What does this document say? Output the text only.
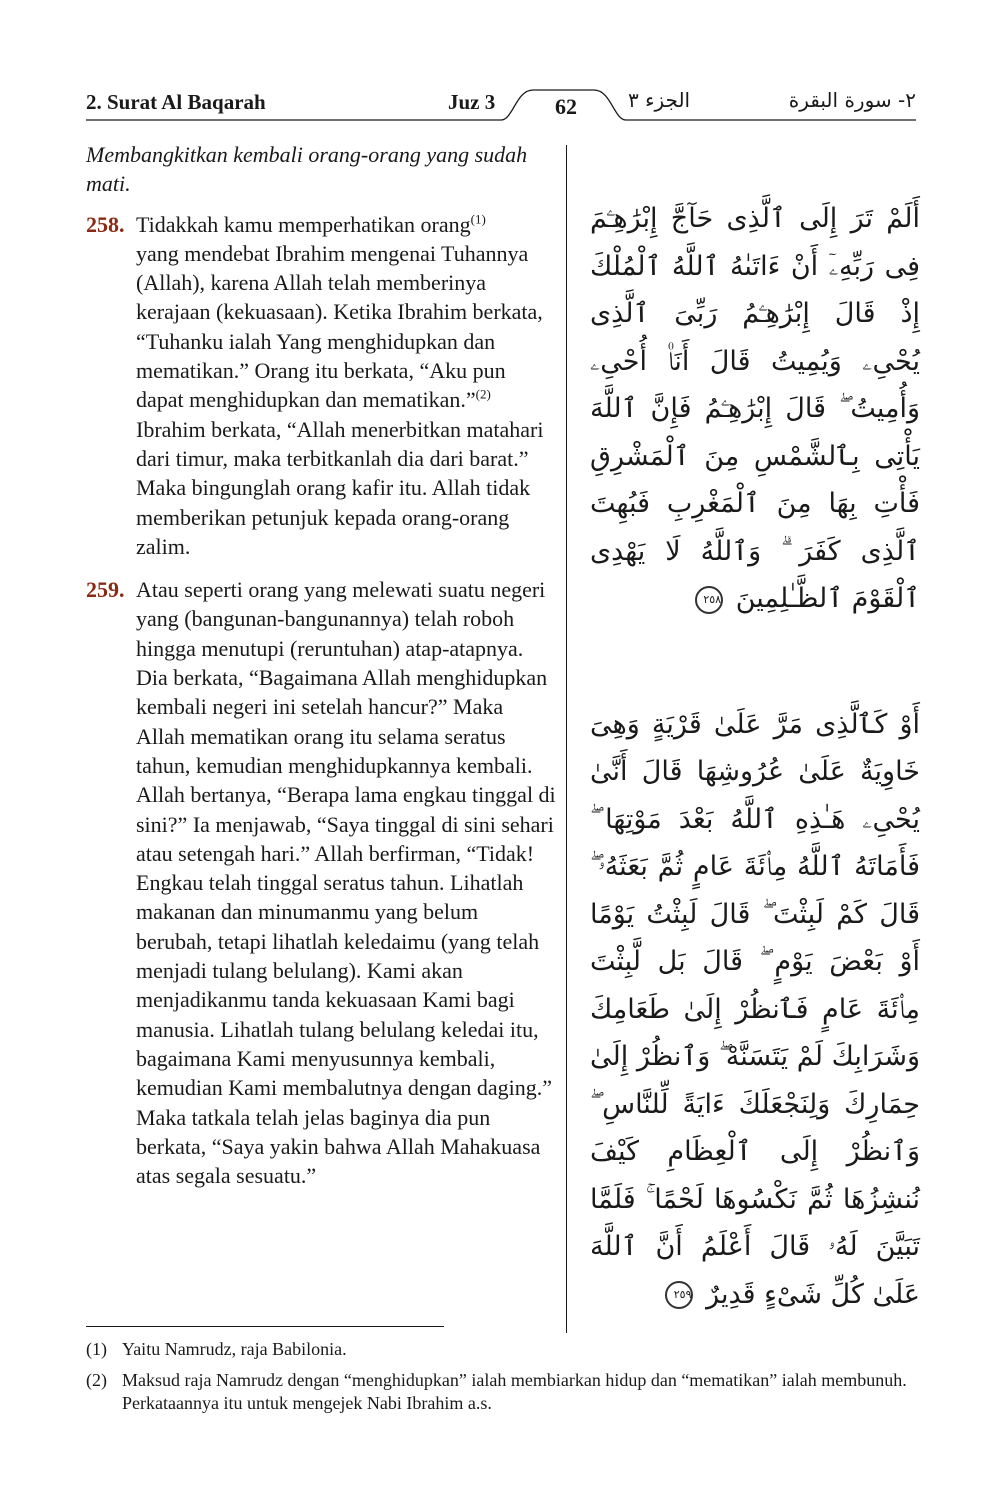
2. Surat Al Baqarah	Juz 3	62	الجزء ٣	٢- سورة البقرة

Membangkitkan kembali orang-orang yang sudah mati.

258. Tidakkah kamu memperhatikan orang$^{(1)}$
yang mendebat Ibrahim mengenai Tuhannya (Allah), karena Allah telah memberinya kerajaan (kekuasaan). Ketika Ibrahim berkata, “Tuhanku ialah Yang menghidupkan dan mematikan.” Orang itu berkata, “Aku pun dapat menghidupkan dan mematikan.”$^{(2)}$
Ibrahim berkata, “Allah menerbitkan matahari dari timur, maka terbitkanlah dia dari barat.” Maka bingunglah orang kafir itu. Allah tidak memberikan petunjuk kepada orang-orang zalim.
259. Atau seperti orang yang melewati suatu negeri yang (bangunan-bangunannya) telah roboh hingga menutupi (reruntuhan) atap-atapnya. Dia berkata, “Bagaimana Allah menghidupkan kembali negeri ini setelah hancur?” Maka Allah mematikan orang itu selama seratus tahun, kemudian menghidupkannya kembali. Allah bertanya, “Berapa lama engkau tinggal di sini?” Ia menjawab, “Saya tinggal di sini sehari atau setengah hari.” Allah berfirman, “Tidak! Engkau telah tinggal seratus tahun. Lihatlah makanan dan minumanmu yang belum berubah, tetapi lihatlah keledaimu (yang telah menjadi tulang belulang). Kami akan menjadikanmu tanda kekuasaan Kami bagi manusia. Lihatlah tulang belulang keledai itu, bagaimana Kami menyusunnya kembali, kemudian Kami membalutnya dengan daging.” Maka tatkala telah jelas baginya dia pun berkata, “Saya yakin bahwa Allah Mahakuasa atas segala sesuatu.”
أَلَمْ تَرَ إِلَى ٱلَّذِى حَآجَّ إِبْرَٰهِـۧمَ فِى رَبِّهِۦٓ أَنْ ءَاتَىٰهُ ٱللَّهُ ٱلْمُلْكَ إِذْ قَالَ إِبْرَٰهِـۧمُ رَبِّىَ ٱلَّذِى يُحْىِۦ وَيُمِيتُ قَالَ أَنَا۠ أُحْىِۦ وَأُمِيتُ ۖ قَالَ إِبْرَٰهِـۧمُ فَإِنَّ ٱللَّهَ يَأْتِى بِٱلشَّمْسِ مِنَ ٱلْمَشْرِقِ فَأْتِ بِهَا مِنَ ٱلْمَغْرِبِ فَبُهِتَ ٱلَّذِى كَفَرَ ۗ وَٱللَّهُ لَا يَهْدِى ٱلْقَوْمَ ٱلظَّـٰلِمِينَ ٢٥٨
أَوْ كَٱلَّذِى مَرَّ عَلَىٰ قَرْيَةٍ وَهِىَ خَاوِيَةٌ عَلَىٰ عُرُوشِهَا قَالَ أَنَّىٰ يُحْىِۦ هَـٰذِهِ ٱللَّهُ بَعْدَ مَوْتِهَا ۖ فَأَمَاتَهُ ٱللَّهُ مِا۟ئَةَ عَامٍ ثُمَّ بَعَثَهُۥ ۖ قَالَ كَمْ لَبِثْتَ ۖ قَالَ لَبِثْتُ يَوْمًا أَوْ بَعْضَ يَوْمٍ ۖ قَالَ بَل لَّبِثْتَ مِا۟ئَةَ عَامٍ فَٱنظُرْ إِلَىٰ طَعَامِكَ وَشَرَابِكَ لَمْ يَتَسَنَّهْ ۖ وَٱنظُرْ إِلَىٰ حِمَارِكَ وَلِنَجْعَلَكَ ءَايَةً لِّلنَّاسِ ۖ وَٱنظُرْ إِلَى ٱلْعِظَامِ كَيْفَ نُنشِزُهَا ثُمَّ نَكْسُوهَا لَحْمًا ۚ فَلَمَّا تَبَيَّنَ لَهُۥ قَالَ أَعْلَمُ أَنَّ ٱللَّهَ عَلَىٰ كُلِّ شَىْءٍ قَدِيرٌ ٢٥٩
(1) Yaitu Namrudz, raja Babilonia.
(2) Maksud raja Namrudz dengan “menghidupkan” ialah membiarkan hidup dan “mematikan” ialah membunuh. Perkataannya itu untuk mengejek Nabi Ibrahim a.s.
